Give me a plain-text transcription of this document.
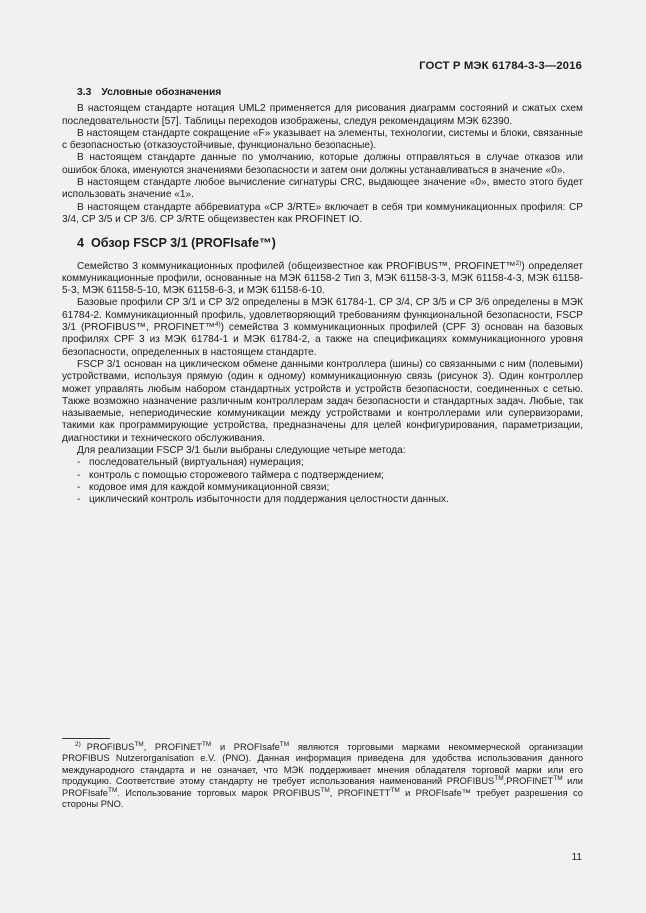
ГОСТ Р МЭК 61784-3-3—2016
3.3 Условные обозначения

В настоящем стандарте нотация UML2 применяется для рисования диаграмм состояний и сжатых схем последовательности [57]. Таблицы переходов изображены, следуя рекомендациям МЭК 62390.

В настоящем стандарте сокращение «F» указывает на элементы, технологии, системы и блоки, связанные с безопасностью (отказоустойчивые, функционально безопасные).

В настоящем стандарте данные по умолчанию, которые должны отправляться в случае отказов или ошибок блока, именуются значениями безопасности и затем они должны устанавливаться в значение «0».

В настоящем стандарте любое вычисление сигнатуры CRC, выдающее значение «0», вместо этого будет использовать значение «1».

В настоящем стандарте аббревиатура «CP 3/RTE» включает в себя три коммуникационных профиля: CP 3/4, CP 3/5 и CP 3/6. CP 3/RTE общеизвестен как PROFINET IO.

4 Обзор FSCP 3/1 (PROFIsafe™)

Семейство 3 коммуникационных профилей (общеизвестное как PROFIBUS™, PROFINET™$^{2)}$) определяет коммуникационные профили, основанные на МЭК 61158-2 Тип 3, МЭК 61158-3-3, МЭК 61158-4-3, МЭК 61158-5-3, МЭК 61158-5-10, МЭК 61158-6-3, и МЭК 61158-6-10.

Базовые профили CP 3/1 и CP 3/2 определены в МЭК 61784-1. CP 3/4, CP 3/5 и CP 3/6 определены в МЭК 61784-2. Коммуникационный профиль, удовлетворяющий требованиям функциональной безопасности, FSCP 3/1 (PROFIBUS™, PROFINET™$^{4)}$) семейства 3 коммуникационных профилей (CPF 3) основан на базовых профилях CPF 3 из МЭК 61784-1 и МЭК 61784-2, а также на спецификациях коммуникационного уровня безопасности, определенных в настоящем стандарте.

FSCP 3/1 основан на циклическом обмене данными контроллера (шины) со связанными с ним (полевыми) устройствами, используя прямую (один к одному) коммуникационную связь (рисунок 3). Один контроллер может управлять любым набором стандартных устройств и устройств безопасности, соединенных с сетью. Также возможно назначение различным контроллерам задач безопасности и стандартных задач. Любые, так называемые, непериодические коммуникации между устройствами и контроллерами или супервизорами, такими как программирующие устройства, предназначены для целей конфигурирования, параметризации, диагностики и технического обслуживания.

Для реализации FSCP 3/1 были выбраны следующие четыре метода:

- последовательный (виртуальная) нумерация;
- контроль с помощью сторожевого таймера с подтверждением;
- кодовое имя для каждой коммуникационной связи;
- циклический контроль избыточности для поддержания целостности данных.
$^{2)}$ PROFIBUS™, PROFINET™ и PROFIsafe™ являются торговыми марками некоммерческой организации PROFIBUS Nutzerorganisation e.V. (PNO). Данная информация приведена для удобства использования данного международного стандарта и не означает, что МЭК поддерживает мнения обладателя торговой марки или его продукцию. Соответствие этому стандарту не требует использования наименований PROFIBUS™,PROFINET™ или PROFIsafe™. Использование торговых марок PROFIBUS™, PROFINETT™ и PROFIsafe™ требует разрешения со стороны PNO.
11
